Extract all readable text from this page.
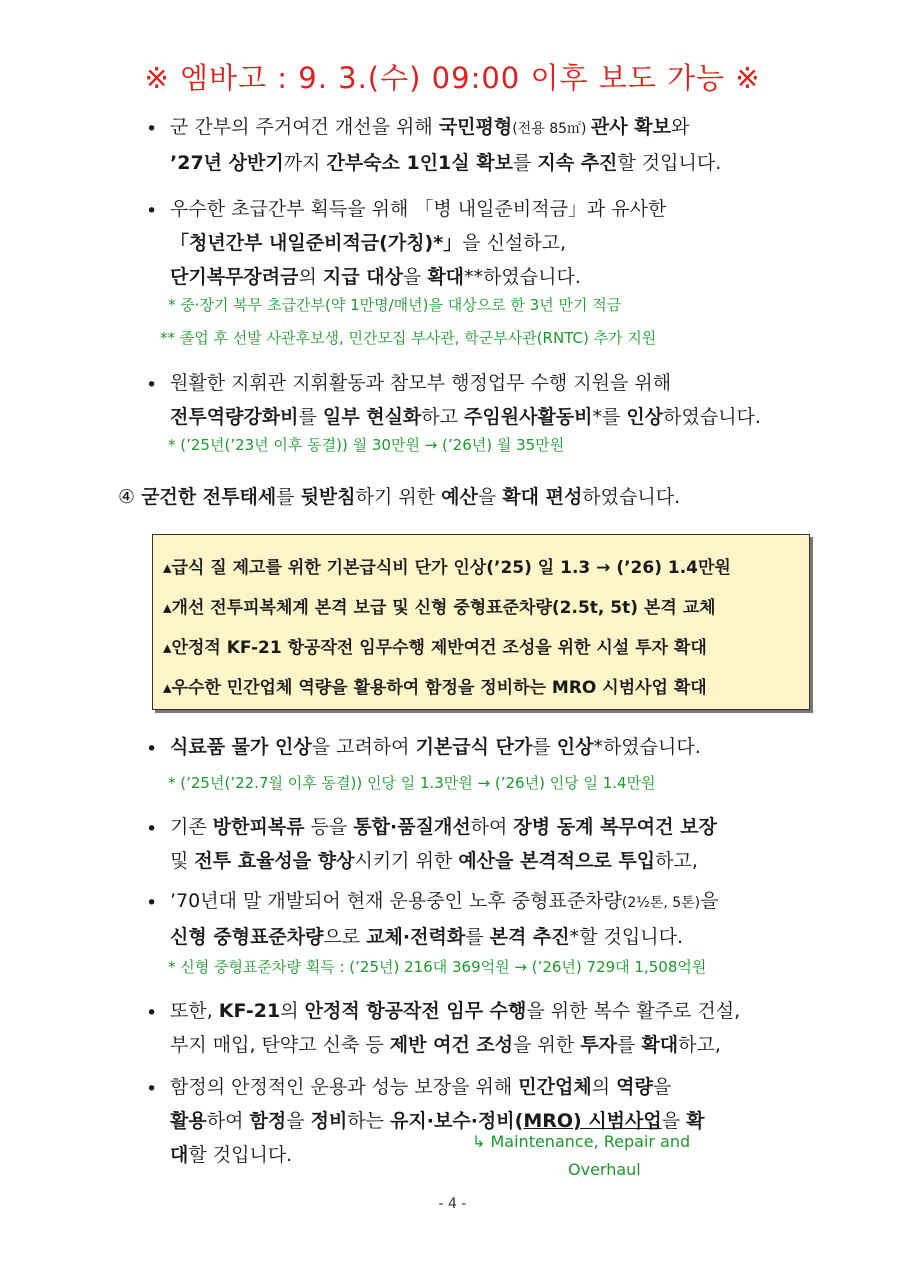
※ 엠바고 : 9. 3.(수) 09:00 이후 보도 가능 ※
• 군 간부의 주거여건 개선을 위해 국민평형(전용 85㎡) 관사 확보와
’27년 상반기까지 간부숙소 1인1실 확보를 지속 추진할 것입니다.
• 우수한 초급간부 획득을 위해 「병 내일준비적금」과 유사한
「청년간부 내일준비적금(가칭)*」을 신설하고,
단기복무장려금의 지급 대상을 확대**하였습니다.
* 중·장기 복무 초급간부(약 1만명/매년)을 대상으로 한 3년 만기 적금
** 졸업 후 선발 사관후보생, 민간모집 부사관, 학군부사관(RNTC) 추가 지원
• 원활한 지휘관 지휘활동과 참모부 행정업무 수행 지원을 위해
전투역량강화비를 일부 현실화하고 주임원사활동비*를 인상하였습니다.
* (’25년(’23년 이후 동결)) 월 30만원 → (’26년) 월 35만원
④ 굳건한 전투태세를 뒷받침하기 위한 예산을 확대 편성하였습니다.
▴급식 질 제고를 위한 기본급식비 단가 인상(’25) 일 1.3 → (’26) 1.4만원
▴개선 전투피복체계 본격 보급 및 신형 중형표준차량(2.5t, 5t) 본격 교체
▴안정적 KF-21 항공작전 임무수행 제반여건 조성을 위한 시설 투자 확대
▴우수한 민간업체 역량을 활용하여 함정을 정비하는 MRO 시범사업 확대
• 식료품 물가 인상을 고려하여 기본급식 단가를 인상*하였습니다.
* (’25년(’22.7월 이후 동결)) 인당 일 1.3만원 → (’26년) 인당 일 1.4만원
• 기존 방한피복류 등을 통합·품질개선하여 장병 동계 복무여건 보장
및 전투 효율성을 향상시키기 위한 예산을 본격적으로 투입하고,
• ’70년대 말 개발되어 현재 운용중인 노후 중형표준차량(2½톤, 5톤)을
신형 중형표준차량으로 교체·전력화를 본격 추진*할 것입니다.
* 신형 중형표준차량 획득 : (’25년) 216대 369억원 → (’26년) 729대 1,508억원
• 또한, KF-21의 안정적 항공작전 임무 수행을 위한 복수 활주로 건설,
부지 매입, 탄약고 신축 등 제반 여건 조성을 위한 투자를 확대하고,
• 함정의 안정적인 운용과 성능 보장을 위해 민간업체의 역량을
활용하여 함정을 정비하는 유지·보수·정비(MRO) 시범사업을 확
대할 것입니다.
↳ Maintenance, Repair and
Overhaul
- 4 -
